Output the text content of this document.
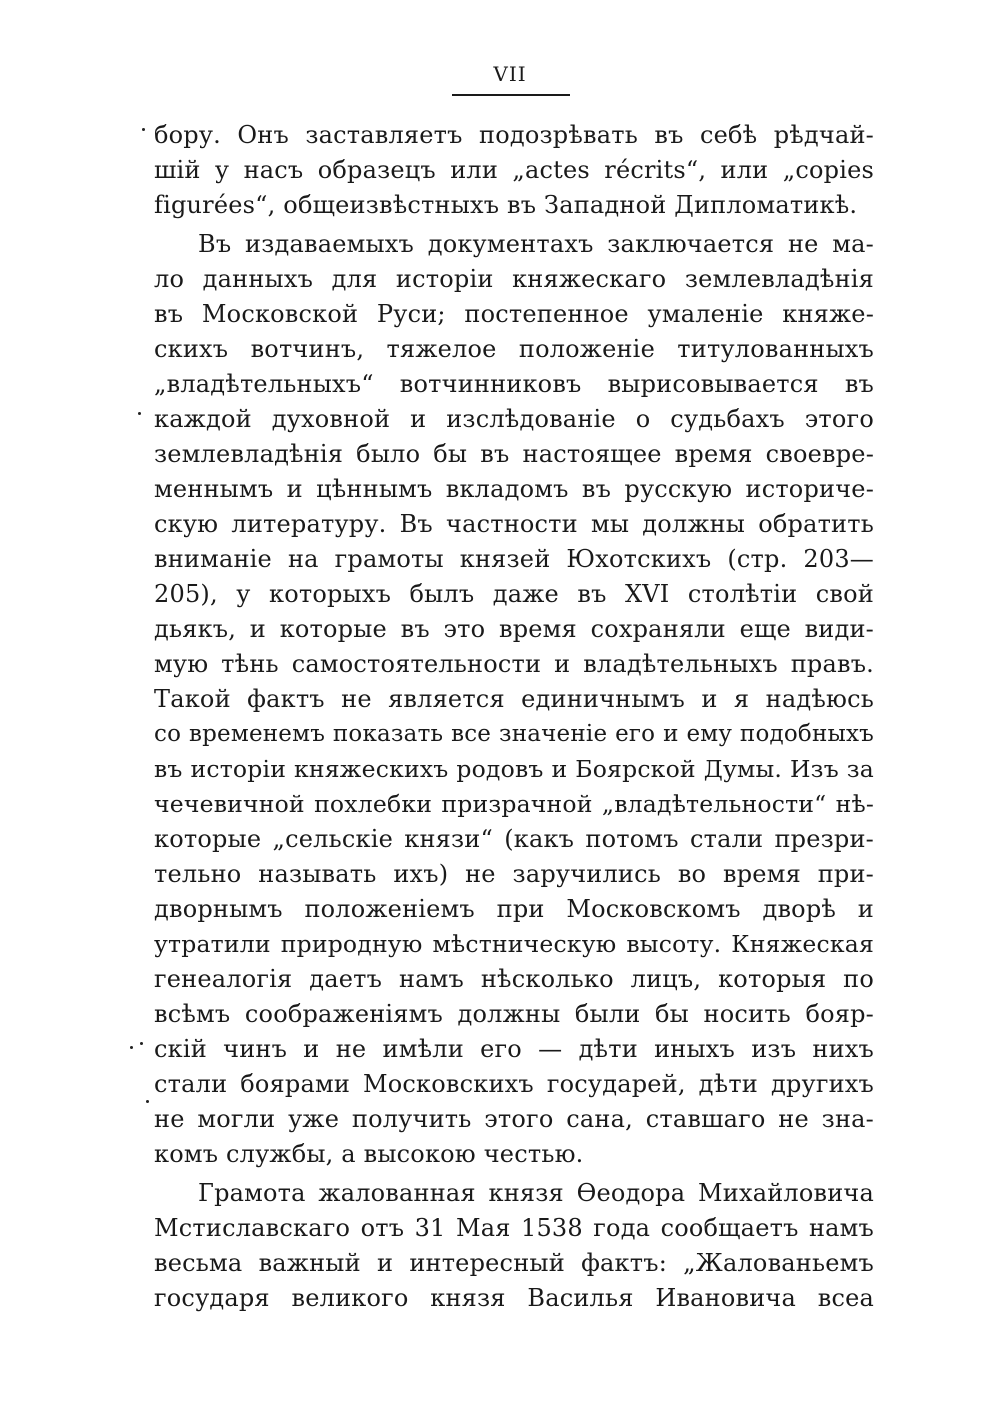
VII
бору. Онъ заставляетъ подозрѣвать въ себѣ рѣдчай-
шій у насъ образецъ или „actes récrits“, или „copies
figurées“, общеизвѣстныхъ въ Западной Дипломатикѣ.
Въ издаваемыхъ документахъ заключается не ма-
ло данныхъ для исторіи княжескаго землевладѣнія
въ Московской Руси; постепенное умаленіе княже-
скихъ вотчинъ, тяжелое положеніе титулованныхъ
„владѣтельныхъ“ вотчинниковъ вырисовывается въ
каждой духовной и изслѣдованіе о судьбахъ этого
землевладѣнія было бы въ настоящее время своевре-
меннымъ и цѣннымъ вкладомъ въ русскую историче-
скую литературу. Въ частности мы должны обратить
вниманіе на грамоты князей Юхотскихъ (стр. 203—
205), у которыхъ былъ даже въ XVI столѣтіи свой
дьякъ, и которые въ это время сохраняли еще види-
мую тѣнь самостоятельности и владѣтельныхъ правъ.
Такой фактъ не является единичнымъ и я надѣюсь
со временемъ показать все значеніе его и ему подобныхъ
въ исторіи княжескихъ родовъ и Боярской Думы. Изъ за
чечевичной похлебки призрачной „владѣтельности“ нѣ-
которые „сельскіе князи“ (какъ потомъ стали презри-
тельно называть ихъ) не заручились во время при-
дворнымъ положеніемъ при Московскомъ дворѣ и
утратили природную мѣстническую высоту. Княжеская
генеалогія даетъ намъ нѣсколько лицъ, которыя по
всѣмъ соображеніямъ должны были бы носить бояр-
скій чинъ и не имѣли его — дѣти иныхъ изъ нихъ
стали боярами Московскихъ государей, дѣти другихъ
не могли уже получить этого сана, ставшаго не зна-
комъ службы, а высокою честью.
Грамота жалованная князя Ѳеодора Михайловича
Мстиславскаго отъ 31 Мая 1538 года сообщаетъ намъ
весьма важный и интересный фактъ: „Жалованьемъ
государя великого князя Василья Ивановича всеа
